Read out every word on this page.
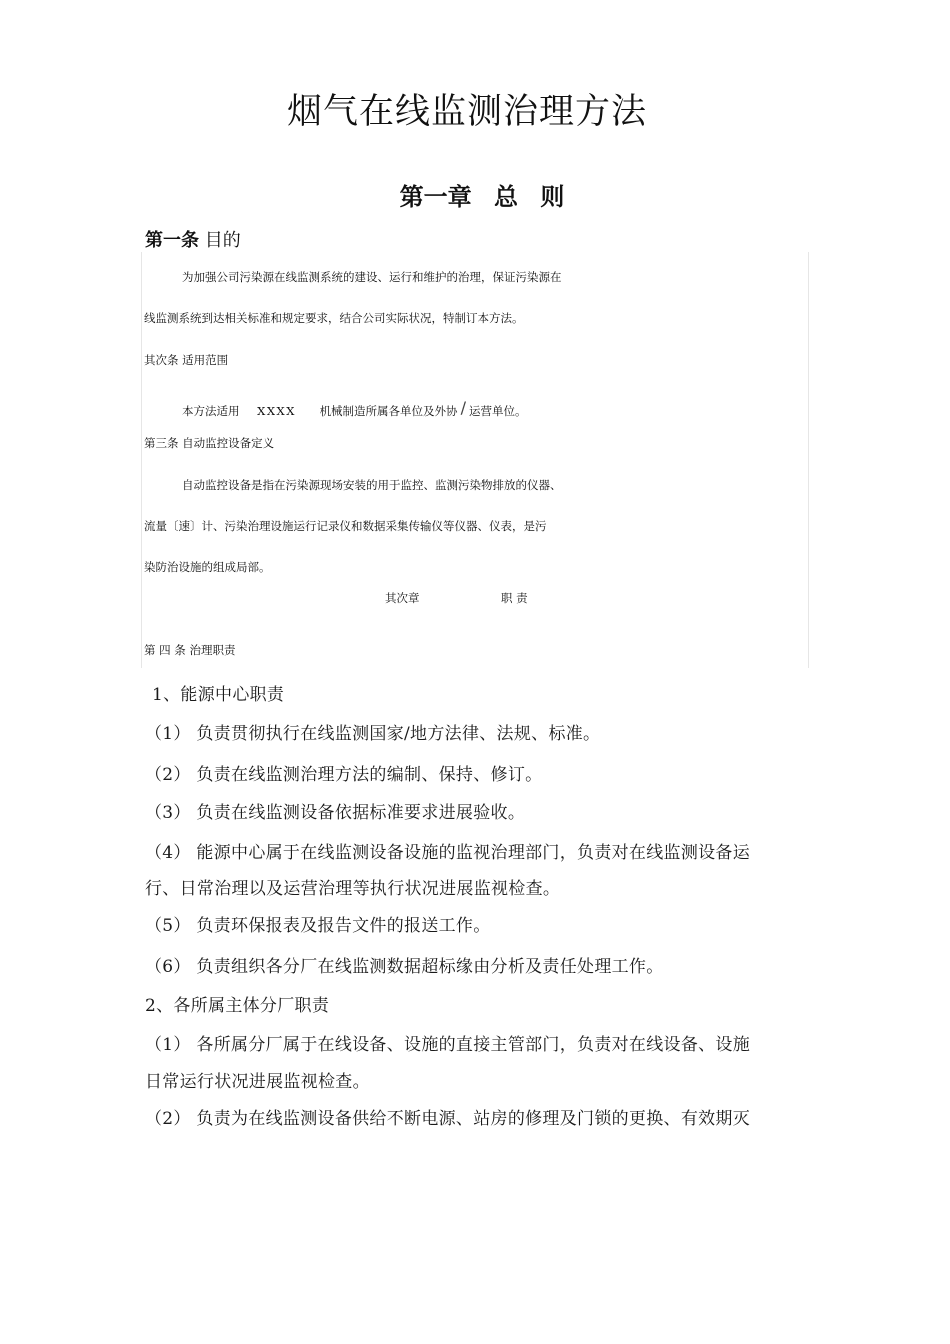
烟气在线监测治理方法
第一章 总 则
第一条 目的
为加强公司污染源在线监测系统的建设、运行和维护的治理，保证污染源在
线监测系统到达相关标准和规定要求，结合公司实际状况，特制订本方法。
其次条 适用范围
本方法适用 XXXX 机械制造所属各单位及外协 / 运营单位。
第三条 自动监控设备定义
自动监控设备是指在污染源现场安装的用于监控、监测污染物排放的仪器、
流量〔速〕计、污染治理设施运行记录仪和数据采集传输仪等仪器、仪表，是污
染防治设施的组成局部。
其次章	职 责
第 四 条 治理职责
1、能源中心职责
（1） 负责贯彻执行在线监测国家/地方法律、法规、标准。
（2） 负责在线监测治理方法的编制、保持、修订。
（3） 负责在线监测设备依据标准要求进展验收。
（4） 能源中心属于在线监测设备设施的监视治理部门，负责对在线监测设备运
行、日常治理以及运营治理等执行状况进展监视检查。
（5） 负责环保报表及报告文件的报送工作。
（6） 负责组织各分厂在线监测数据超标缘由分析及责任处理工作。
2、各所属主体分厂职责
（1） 各所属分厂属于在线设备、设施的直接主管部门，负责对在线设备、设施
日常运行状况进展监视检查。
（2） 负责为在线监测设备供给不断电源、站房的修理及门锁的更换、有效期灭
